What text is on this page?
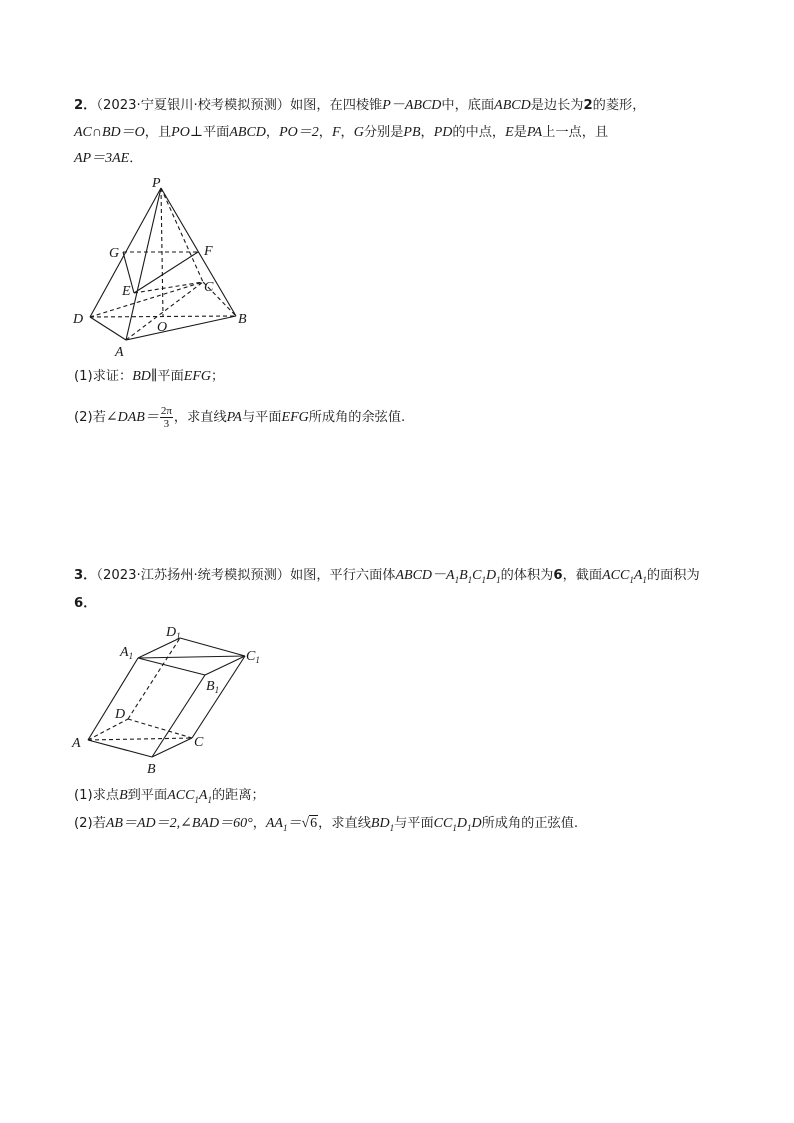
2．（2023·宁夏银川·校考模拟预测）如图，在四棱锥P－ABCD中，底面ABCD是边长为2的菱形，
AC∩BD＝O，且PO⊥平面ABCD，PO＝2，F，G分别是PB，PD的中点，E是PA上一点，且
AP＝3AE．
P
G	F
E	C
D
O
B
A
(1)求证：BD∥平面EFG；
(2)若∠DAB＝ $\frac{2\pi}{3}$ ，求直线PA与平面EFG所成角的余弦值.
3．（2023·江苏扬州·统考模拟预测）如图，平行六面体$ABCD-A_1B_1C_1D_1$的体积为6，截面$ACC_1A_1$的面积为
6．
$D_1$
$A_1$	$C_1$
$B_1$
D
A	C
B
(1)求点B到平面$ACC_1A_1$的距离；
(2)若AB＝AD＝2,∠BAD＝60°，$AA_1=√6$，求直线$BD_1$与平面$CC_1D_1D$所成角的正弦值.
